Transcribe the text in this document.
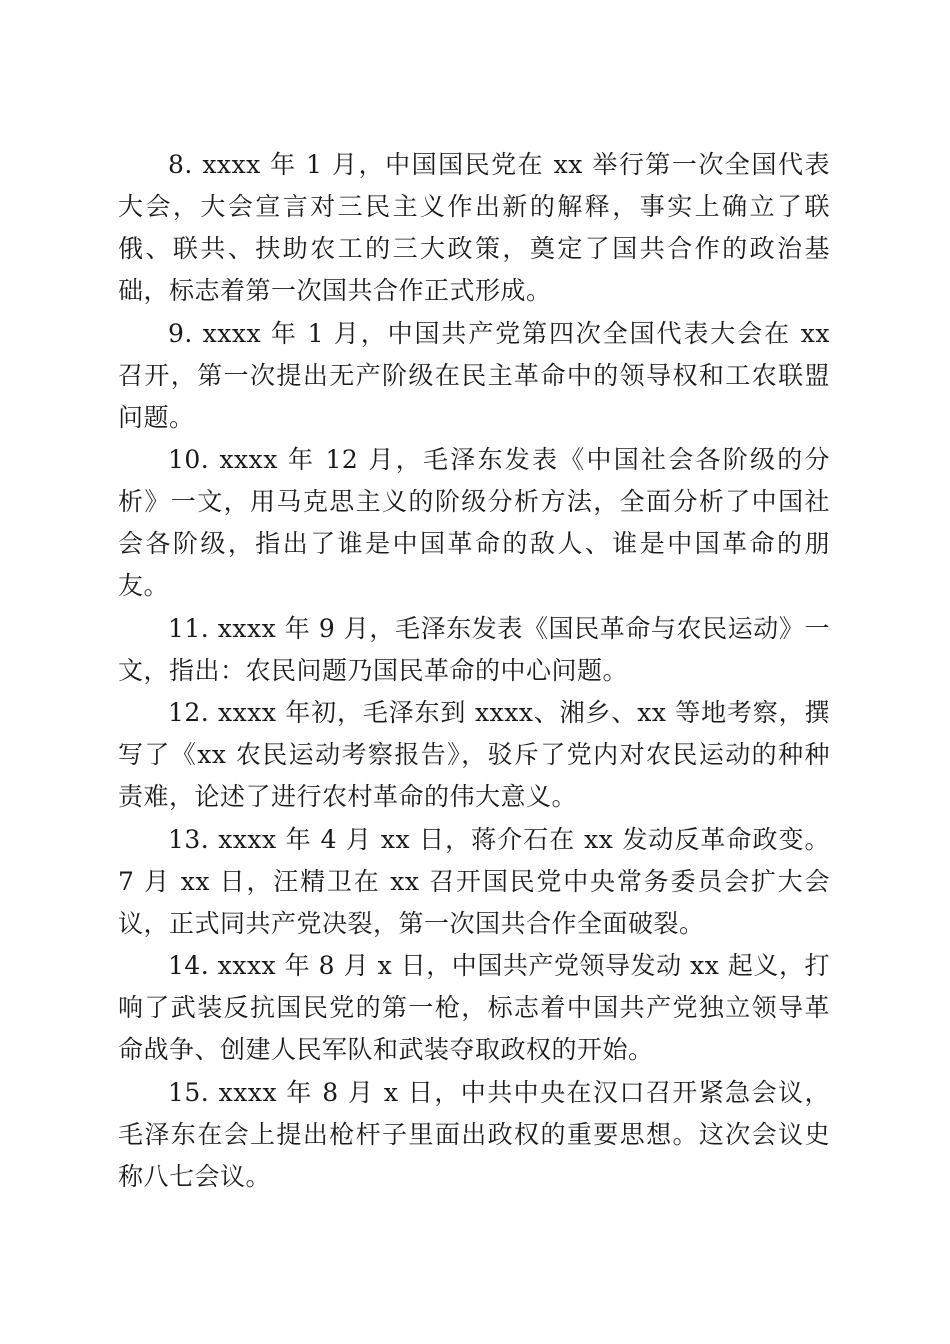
8. xxxx 年 1 月，中国国民党在 xx 举行第一次全国代表大会，大会宣言对三民主义作出新的解释，事实上确立了联俄、联共、扶助农工的三大政策，奠定了国共合作的政治基础，标志着第一次国共合作正式形成。

9. xxxx 年 1 月，中国共产党第四次全国代表大会在 xx 召开，第一次提出无产阶级在民主革命中的领导权和工农联盟问题。

10. xxxx 年 12 月，毛泽东发表《中国社会各阶级的分析》一文，用马克思主义的阶级分析方法，全面分析了中国社会各阶级，指出了谁是中国革命的敌人、谁是中国革命的朋友。

11. xxxx 年 9 月，毛泽东发表《国民革命与农民运动》一文，指出：农民问题乃国民革命的中心问题。

12. xxxx 年初，毛泽东到 xxxx、湘乡、xx 等地考察，撰写了《xx 农民运动考察报告》，驳斥了党内对农民运动的种种责难，论述了进行农村革命的伟大意义。

13. xxxx 年 4 月 xx 日，蒋介石在 xx 发动反革命政变。7 月 xx 日，汪精卫在 xx 召开国民党中央常务委员会扩大会议，正式同共产党决裂，第一次国共合作全面破裂。

14. xxxx 年 8 月 x 日，中国共产党领导发动 xx 起义，打响了武装反抗国民党的第一枪，标志着中国共产党独立领导革命战争、创建人民军队和武装夺取政权的开始。

15. xxxx 年 8 月 x 日，中共中央在汉口召开紧急会议，毛泽东在会上提出枪杆子里面出政权的重要思想。这次会议史称八七会议。
